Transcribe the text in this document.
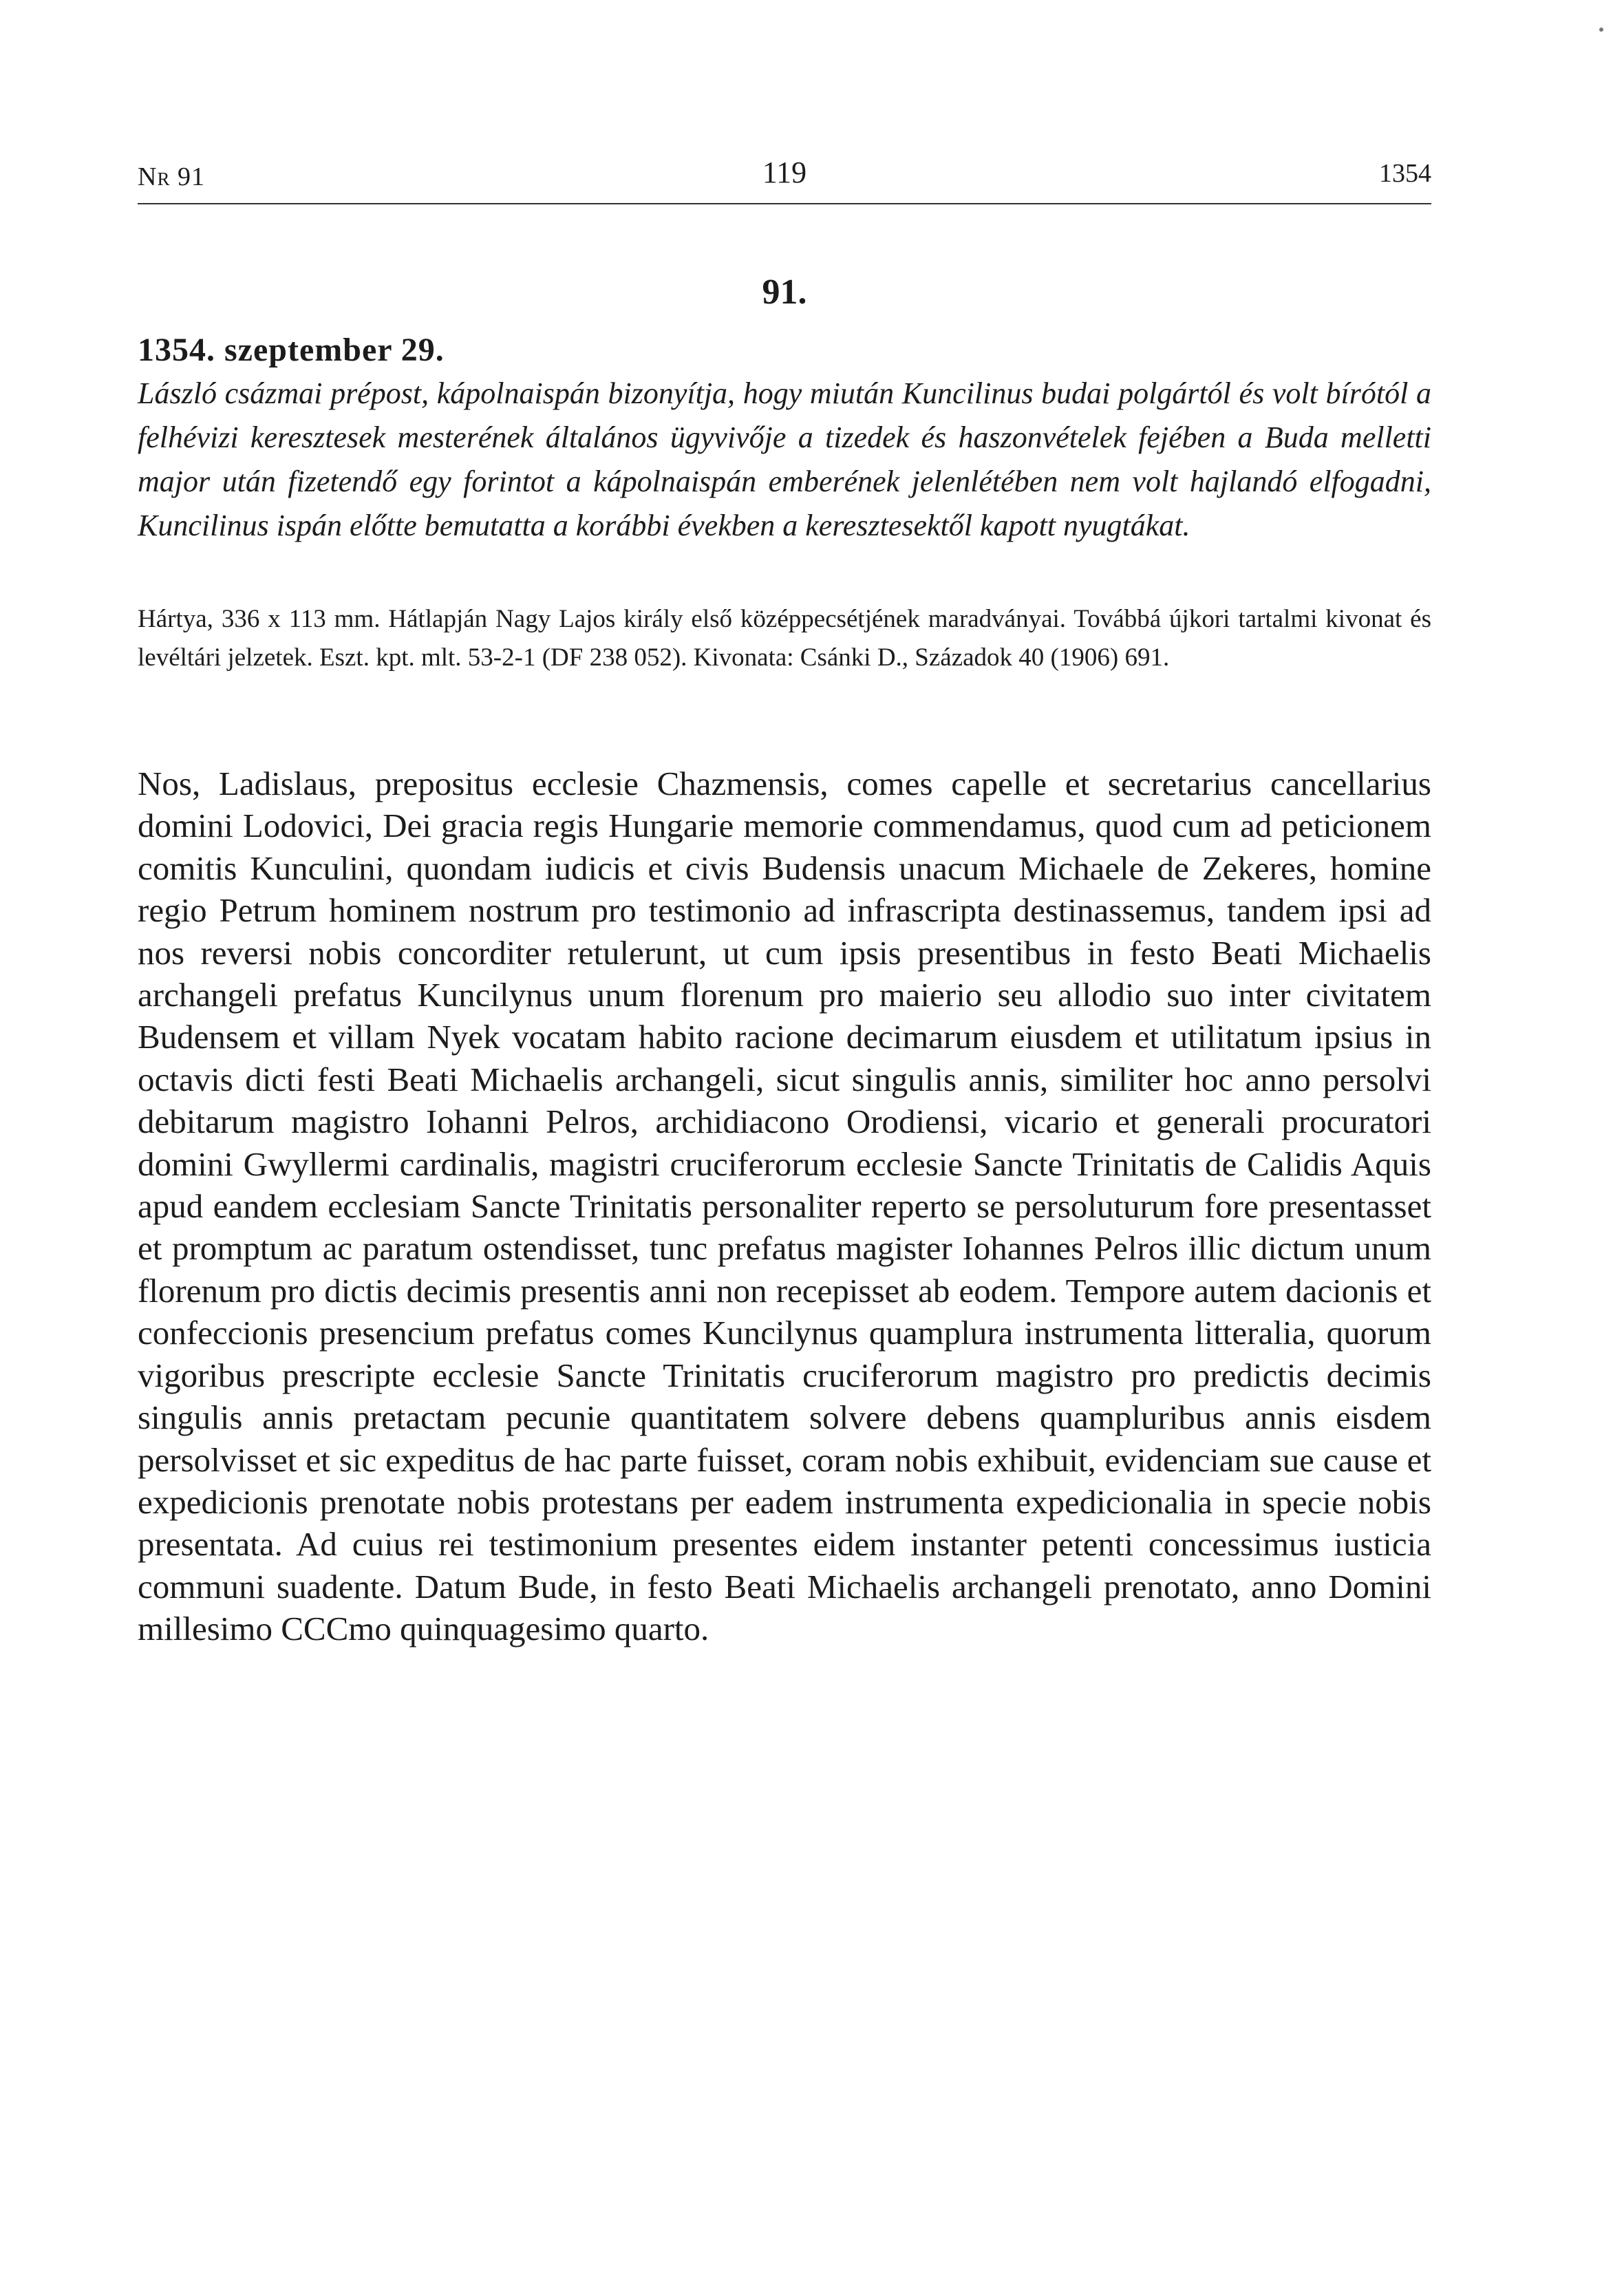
Nr 91	119	1354
91.
1354. szeptember 29.

László csázmai prépost, kápolnaispán bizonyítja, hogy miután Kuncilinus budai polgártól és volt bírótól a felhévizi keresztesek mesterének általános ügyvivője a tizedek és haszonvételek fejében a Buda melletti major után fizetendő egy forintot a kápolnaispán emberének jelenlétében nem volt hajlandó elfogadni, Kuncilinus ispán előtte bemutatta a korábbi években a keresztesektől kapott nyugtákat.

Hártya, 336 x 113 mm. Hátlapján Nagy Lajos király első középpecsétjének maradványai. Továbbá újkori tartalmi kivonat és levéltári jelzetek. Eszt. kpt. mlt. 53-2-1 (DF 238 052). Kivonata: Csánki D., Századok 40 (1906) 691.

Nos, Ladislaus, prepositus ecclesie Chazmensis, comes capelle et secretarius cancellarius domini Lodovici, Dei gracia regis Hungarie memorie commendamus, quod cum ad peticionem comitis Kunculini, quondam iudicis et civis Budensis unacum Michaele de Zekeres, homine regio Petrum hominem nostrum pro testimonio ad infrascripta destinassemus, tandem ipsi ad nos reversi nobis concorditer retulerunt, ut cum ipsis presentibus in festo Beati Michaelis archangeli prefatus Kuncilynus unum florenum pro maierio seu allodio suo inter civitatem Budensem et villam Nyek vocatam habito racione decimarum eiusdem et utilitatum ipsius in octavis dicti festi Beati Michaelis archangeli, sicut singulis annis, similiter hoc anno persolvi debitarum magistro Iohanni Pelros, archidiacono Orodiensi, vicario et generali procuratori domini Gwyllermi cardinalis, magistri cruciferorum ecclesie Sancte Trinitatis de Calidis Aquis apud eandem ecclesiam Sancte Trinitatis personaliter reperto se persoluturum fore presentasset et promptum ac paratum ostendisset, tunc prefatus magister Iohannes Pelros illic dictum unum florenum pro dictis decimis presentis anni non recepisset ab eodem. Tempore autem dacionis et confeccionis presencium prefatus comes Kuncilynus quamplura instrumenta litteralia, quorum vigoribus prescripte ecclesie Sancte Trinitatis cruciferorum magistro pro predictis decimis singulis annis pretactam pecunie quantitatem solvere debens quampluribus annis eisdem persolvisset et sic expeditus de hac parte fuisset, coram nobis exhibuit, evidenciam sue cause et expedicionis prenotate nobis protestans per eadem instrumenta expedicionalia in specie nobis presentata. Ad cuius rei testimonium presentes eidem instanter petenti concessimus iusticia communi suadente. Datum Bude, in festo Beati Michaelis archangeli prenotato, anno Domini millesimo CCCmo quinquagesimo quarto.
